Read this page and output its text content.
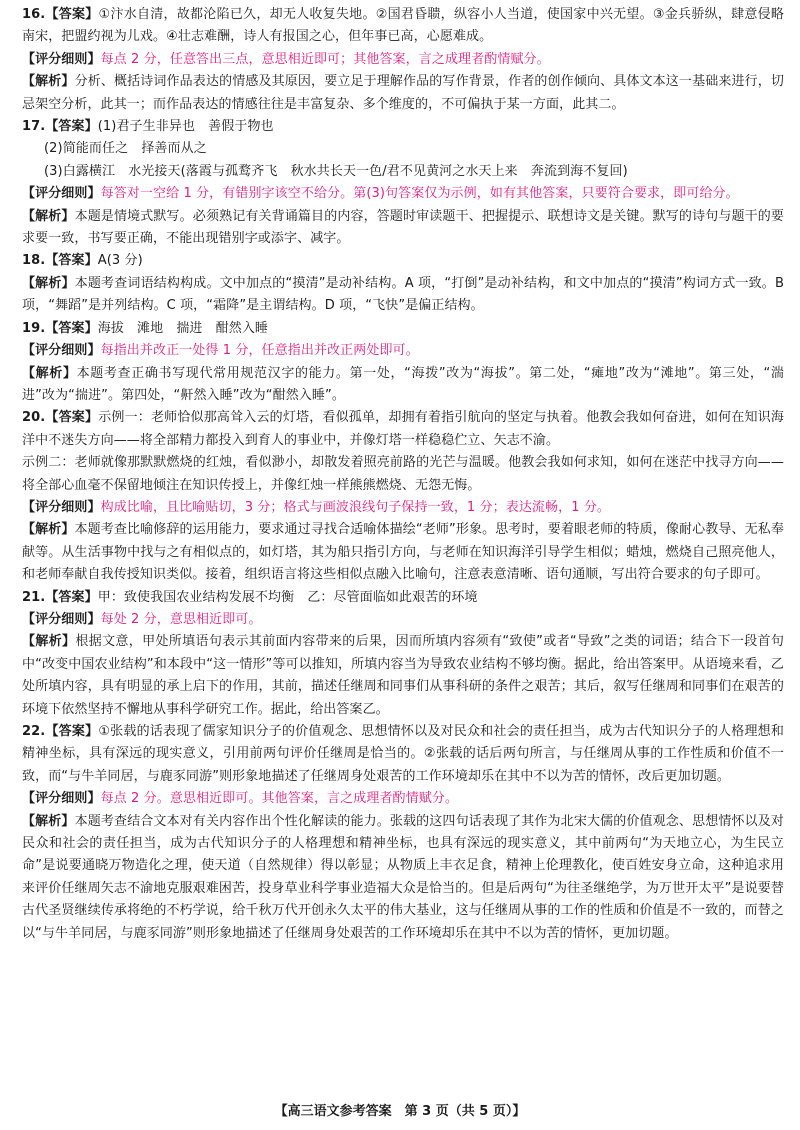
16.【答案】①汴水自清，故都沦陷已久，却无人收复失地。②国君昏聩，纵容小人当道，使国家中兴无望。③金兵骄纵，肆意侵略南宋，把盟约视为儿戏。④壮志难酬，诗人有报国之心，但年事已高，心愿难成。

【评分细则】每点 2 分，任意答出三点，意思相近即可；其他答案，言之成理者酌情赋分。

【解析】分析、概括诗词作品表达的情感及其原因，要立足于理解作品的写作背景，作者的创作倾向、具体文本这一基础来进行，切忌架空分析，此其一；而作品表达的情感往往是丰富复杂、多个维度的，不可偏执于某一方面，此其二。

17.【答案】(1)君子生非异也　善假于物也

(2)简能而任之　择善而从之

(3)白露横江　水光接天(落霞与孤鹜齐飞　秋水共长天一色/君不见黄河之水天上来　奔流到海不复回)

【评分细则】每答对一空给 1 分，有错别字该空不给分。第(3)句答案仅为示例，如有其他答案，只要符合要求，即可给分。

【解析】本题是情境式默写。必须熟记有关背诵篇目的内容，答题时审读题干、把握提示、联想诗文是关键。默写的诗句与题干的要求要一致，书写要正确，不能出现错别字或添字、减字。

18.【答案】A(3 分)

【解析】本题考查词语结构构成。文中加点的“摸清”是动补结构。A 项，“打倒”是动补结构，和文中加点的“摸清”构词方式一致。B 项，“舞蹈”是并列结构。C 项，“霜降”是主谓结构。D 项，“飞快”是偏正结构。

19.【答案】海拔　滩地　揣进　酣然入睡

【评分细则】每指出并改正一处得 1 分，任意指出并改正两处即可。

【解析】本题考查正确书写现代常用规范汉字的能力。第一处，“海拨”改为“海拔”。第二处，“瘫地”改为“滩地”。第三处，“湍进”改为“揣进”。第四处，“鼾然入睡”改为“酣然入睡”。

20.【答案】示例一：老师恰似那高耸入云的灯塔，看似孤单，却拥有着指引航向的坚定与执着。他教会我如何奋进，如何在知识海洋中不迷失方向——将全部精力都投入到育人的事业中，并像灯塔一样稳稳伫立、矢志不渝。

示例二：老师就像那默默燃烧的红烛，看似渺小，却散发着照亮前路的光芒与温暖。他教会我如何求知，如何在迷茫中找寻方向——将全部心血毫不保留地倾注在知识传授上，并像红烛一样熊熊燃烧、无怨无悔。

【评分细则】构成比喻，且比喻贴切，3 分；格式与画波浪线句子保持一致，1 分；表达流畅，1 分。

【解析】本题考查比喻修辞的运用能力，要求通过寻找合适喻体描绘“老师”形象。思考时，要着眼老师的特质，像耐心教导、无私奉献等。从生活事物中找与之有相似点的，如灯塔，其为船只指引方向，与老师在知识海洋引导学生相似；蜡烛，燃烧自己照亮他人，和老师奉献自我传授知识类似。接着，组织语言将这些相似点融入比喻句，注意表意清晰、语句通顺，写出符合要求的句子即可。

21.【答案】甲：致使我国农业结构发展不均衡　乙：尽管面临如此艰苦的环境

【评分细则】每处 2 分，意思相近即可。

【解析】根据文意，甲处所填语句表示其前面内容带来的后果，因而所填内容须有“致使”或者“导致”之类的词语；结合下一段首句中“改变中国农业结构”和本段中“这一情形”等可以推知，所填内容当为导致农业结构不够均衡。据此，给出答案甲。从语境来看，乙处所填内容，具有明显的承上启下的作用，其前，描述任继周和同事们从事科研的条件之艰苦；其后，叙写任继周和同事们在艰苦的环境下依然坚持不懈地从事科学研究工作。据此，给出答案乙。

22.【答案】①张载的话表现了儒家知识分子的价值观念、思想情怀以及对民众和社会的责任担当，成为古代知识分子的人格理想和精神坐标，具有深远的现实意义，引用前两句评价任继周是恰当的。②张载的话后两句所言，与任继周从事的工作性质和价值不一致，而“与牛羊同居，与鹿豕同游”则形象地描述了任继周身处艰苦的工作环境却乐在其中不以为苦的情怀，改后更加切题。

【评分细则】每点 2 分。意思相近即可。其他答案，言之成理者酌情赋分。

【解析】本题考查结合文本对有关内容作出个性化解读的能力。张载的这四句话表现了其作为北宋大儒的价值观念、思想情怀以及对民众和社会的责任担当，成为古代知识分子的人格理想和精神坐标，也具有深远的现实意义，其中前两句“为天地立心，为生民立命”是说要通晓万物造化之理，使天道（自然规律）得以彰显；从物质上丰衣足食，精神上伦理教化，使百姓安身立命，这种追求用来评价任继周矢志不渝地克服艰难困苦，投身草业科学事业造福大众是恰当的。但是后两句“为往圣继绝学，为万世开太平”是说要替古代圣贤继续传承将绝的不朽学说，给千秋万代开创永久太平的伟大基业，这与任继周从事的工作的性质和价值是不一致的，而替之以“与牛羊同居，与鹿豕同游”则形象地描述了任继周身处艰苦的工作环境却乐在其中不以为苦的情怀，更加切题。

【高三语文参考答案　第 3 页（共 5 页）】
